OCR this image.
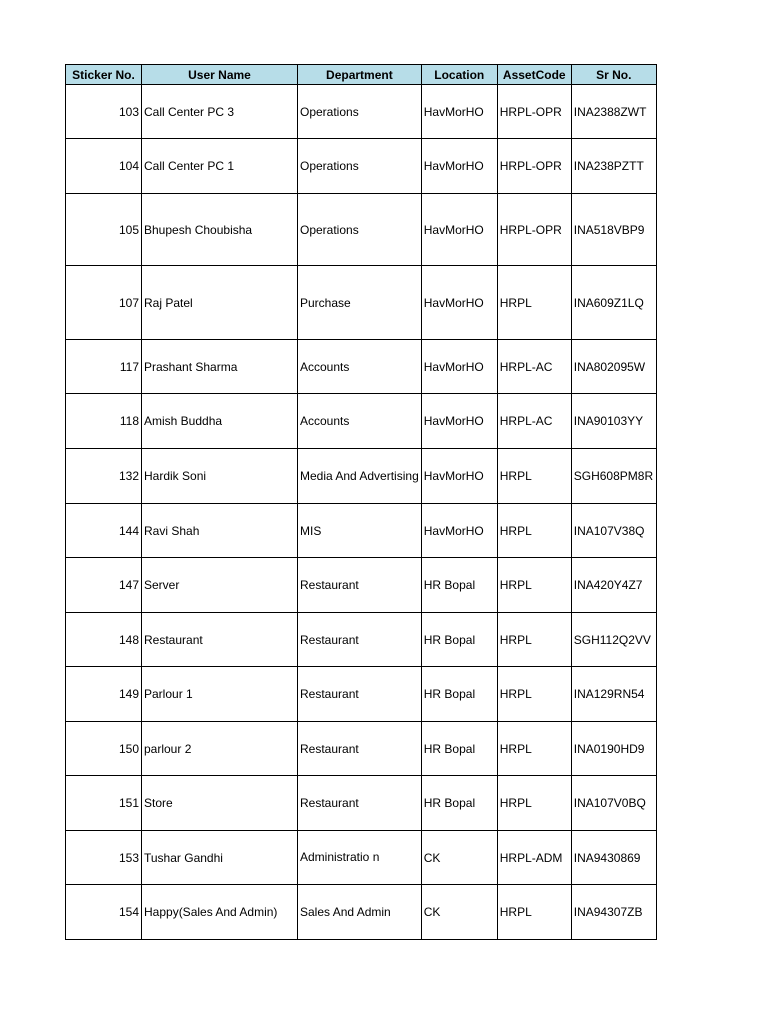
Sticker No.	User Name	Department	Location	AssetCode	Sr No.
103	Call Center PC 3	Operations	HavMorHO	HRPL-OPR	INA2388ZWT
104	Call Center PC 1	Operations	HavMorHO	HRPL-OPR	INA238PZTT
105	Bhupesh Choubisha	Operations	HavMorHO	HRPL-OPR	INA518VBP9
107	Raj Patel	Purchase	HavMorHO	HRPL	INA609Z1LQ
117	Prashant Sharma	Accounts	HavMorHO	HRPL-AC	INA802095W
118	Amish Buddha	Accounts	HavMorHO	HRPL-AC	INA90103YY
132	Hardik Soni	Media And Advertising	HavMorHO	HRPL	SGH608PM8R
144	Ravi Shah	MIS	HavMorHO	HRPL	INA107V38Q
147	Server	Restaurant	HR Bopal	HRPL	INA420Y4Z7
148	Restaurant	Restaurant	HR Bopal	HRPL	SGH112Q2VV
149	Parlour 1	Restaurant	HR Bopal	HRPL	INA129RN54
150	parlour 2	Restaurant	HR Bopal	HRPL	INA0190HD9
151	Store	Restaurant	HR Bopal	HRPL	INA107V0BQ
153	Tushar Gandhi	Administratio n	CK	HRPL-ADM	INA9430869
154	Happy(Sales And Admin)	Sales And Admin	CK	HRPL	INA94307ZB
